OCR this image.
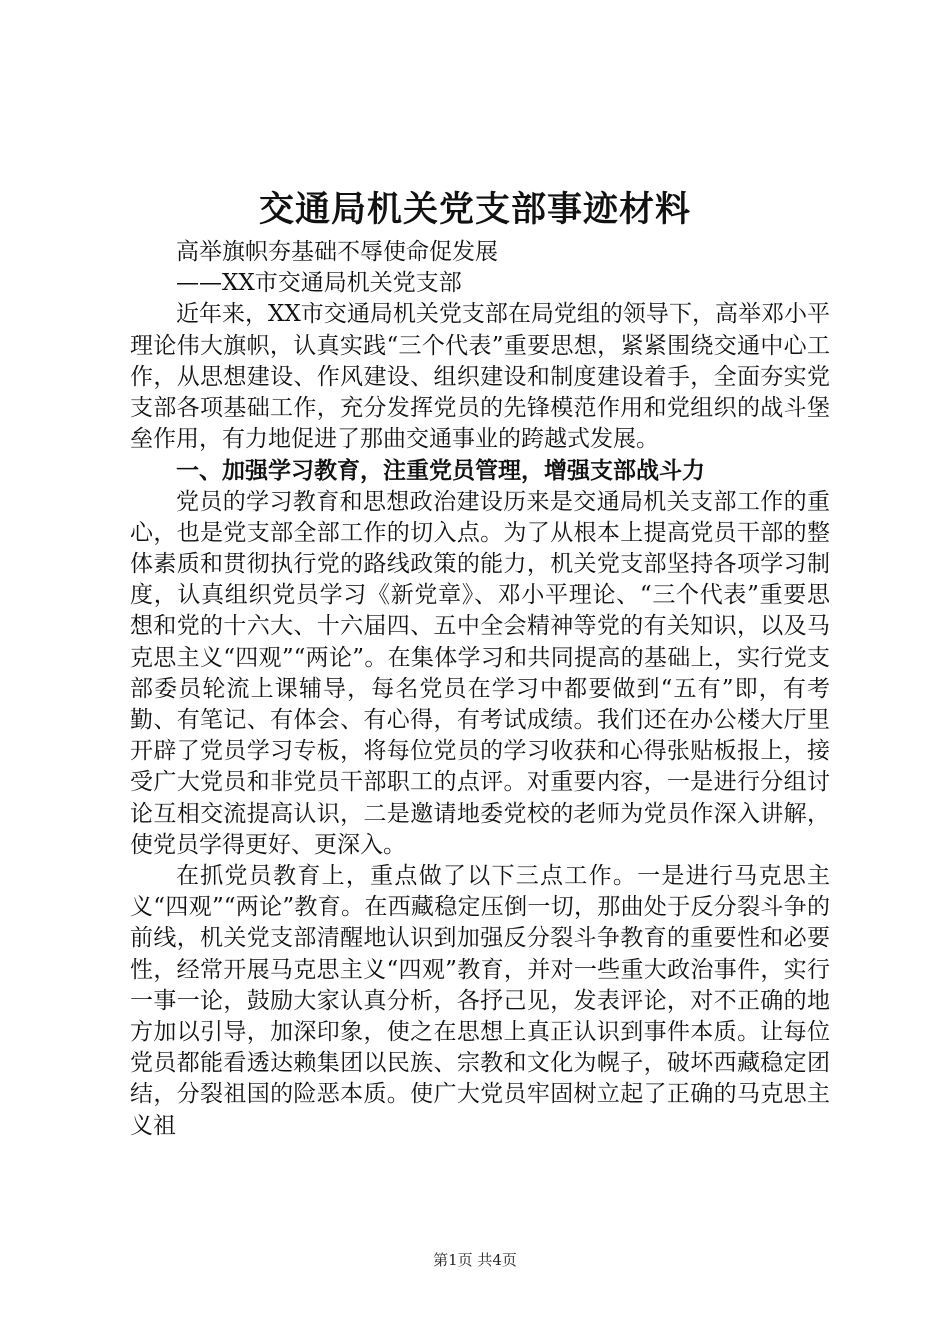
交通局机关党支部事迹材料

高举旗帜夯基础不辱使命促发展

——XX市交通局机关党支部

近年来，XX市交通局机关党支部在局党组的领导下，高举邓小平理论伟大旗帜，认真实践“三个代表”重要思想，紧紧围绕交通中心工作，从思想建设、作风建设、组织建设和制度建设着手，全面夯实党支部各项基础工作，充分发挥党员的先锋模范作用和党组织的战斗堡垒作用，有力地促进了那曲交通事业的跨越式发展。

一、加强学习教育，注重党员管理，增强支部战斗力

党员的学习教育和思想政治建设历来是交通局机关支部工作的重心，也是党支部全部工作的切入点。为了从根本上提高党员干部的整体素质和贯彻执行党的路线政策的能力，机关党支部坚持各项学习制度，认真组织党员学习《新党章》、邓小平理论、“三个代表”重要思想和党的十六大、十六届四、五中全会精神等党的有关知识，以及马克思主义“四观”“两论”。在集体学习和共同提高的基础上，实行党支部委员轮流上课辅导，每名党员在学习中都要做到“五有”即，有考勤、有笔记、有体会、有心得，有考试成绩。我们还在办公楼大厅里开辟了党员学习专板，将每位党员的学习收获和心得张贴板报上，接受广大党员和非党员干部职工的点评。对重要内容，一是进行分组讨论互相交流提高认识，二是邀请地委党校的老师为党员作深入讲解，使党员学得更好、更深入。

在抓党员教育上，重点做了以下三点工作。一是进行马克思主义“四观”“两论”教育。在西藏稳定压倒一切，那曲处于反分裂斗争的前线，机关党支部清醒地认识到加强反分裂斗争教育的重要性和必要性，经常开展马克思主义“四观”教育，并对一些重大政治事件，实行一事一论，鼓励大家认真分析，各抒己见，发表评论，对不正确的地方加以引导，加深印象，使之在思想上真正认识到事件本质。让每位党员都能看透达赖集团以民族、宗教和文化为幌子，破坏西藏稳定团结，分裂祖国的险恶本质。使广大党员牢固树立起了正确的马克思主义祖

第1页 共4页
